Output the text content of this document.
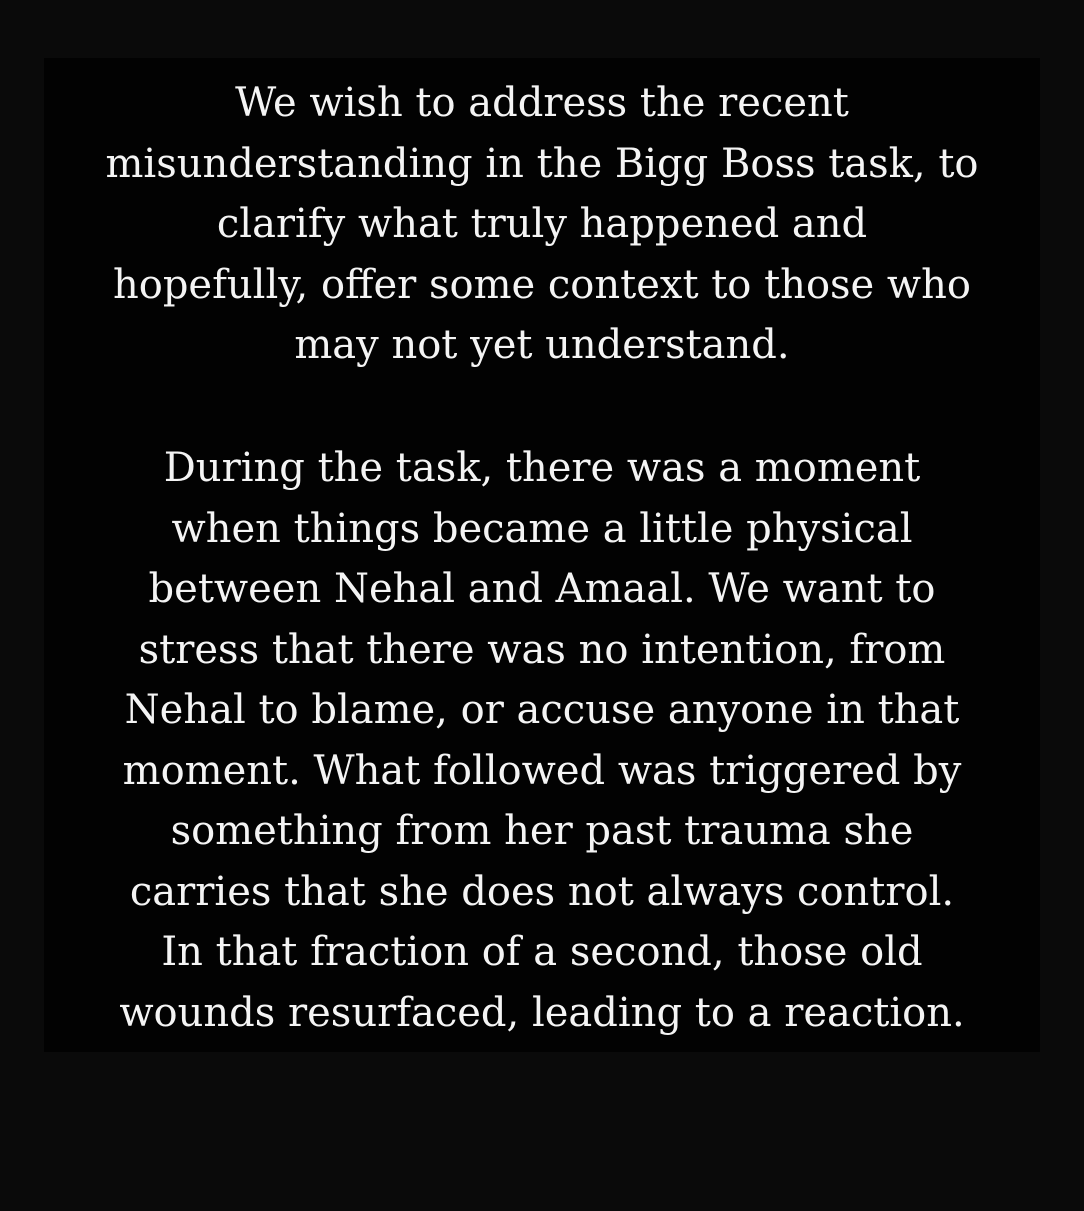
We wish to address the recent
misunderstanding in the Bigg Boss task, to
clarify what truly happened and
hopefully, offer some context to those who
may not yet understand.

During the task, there was a moment
when things became a little physical
between Nehal and Amaal. We want to
stress that there was no intention, from
Nehal to blame, or accuse anyone in that
moment. What followed was triggered by
something from her past trauma she
carries that she does not always control.
In that fraction of a second, those old
wounds resurfaced, leading to a reaction.
